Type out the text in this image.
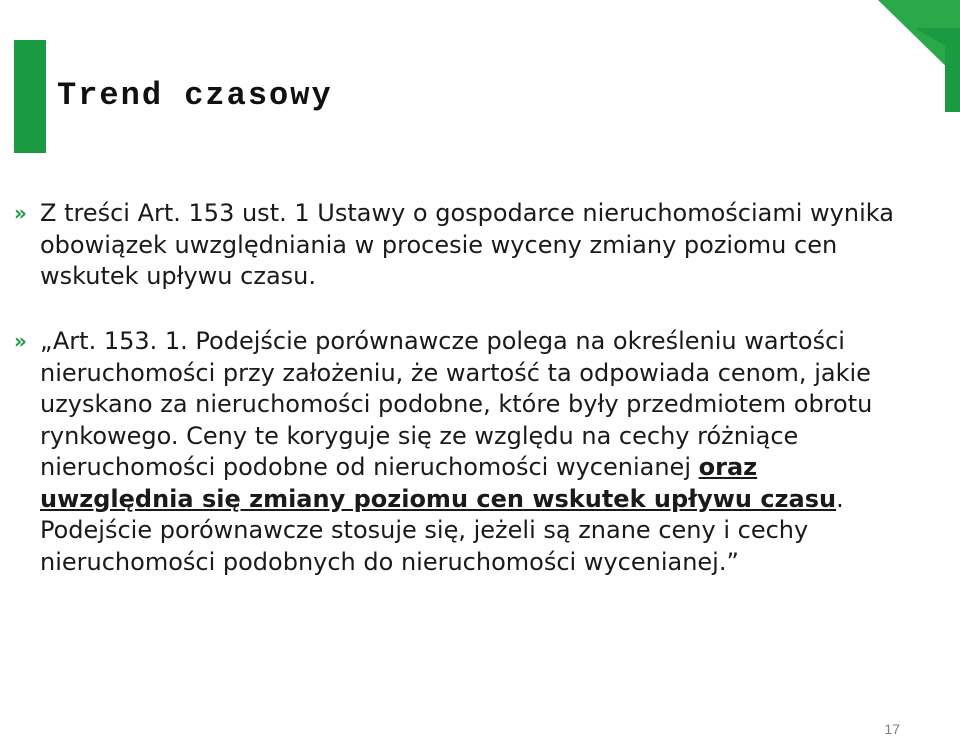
Trend czasowy
» Z treści Art. 153 ust. 1 Ustawy o gospodarce nieruchomościami wynika obowiązek uwzględniania w procesie wyceny zmiany poziomu cen wskutek upływu czasu.

» „Art. 153. 1. Podejście porównawcze polega na określeniu wartości nieruchomości przy założeniu, że wartość ta odpowiada cenom, jakie uzyskano za nieruchomości podobne, które były przedmiotem obrotu rynkowego. Ceny te koryguje się ze względu na cechy różniące nieruchomości podobne od nieruchomości wycenianej oraz uwzględnia się zmiany poziomu cen wskutek upływu czasu. Podejście porównawcze stosuje się, jeżeli są znane ceny i cechy nieruchomości podobnych do nieruchomości wycenianej.”

17
